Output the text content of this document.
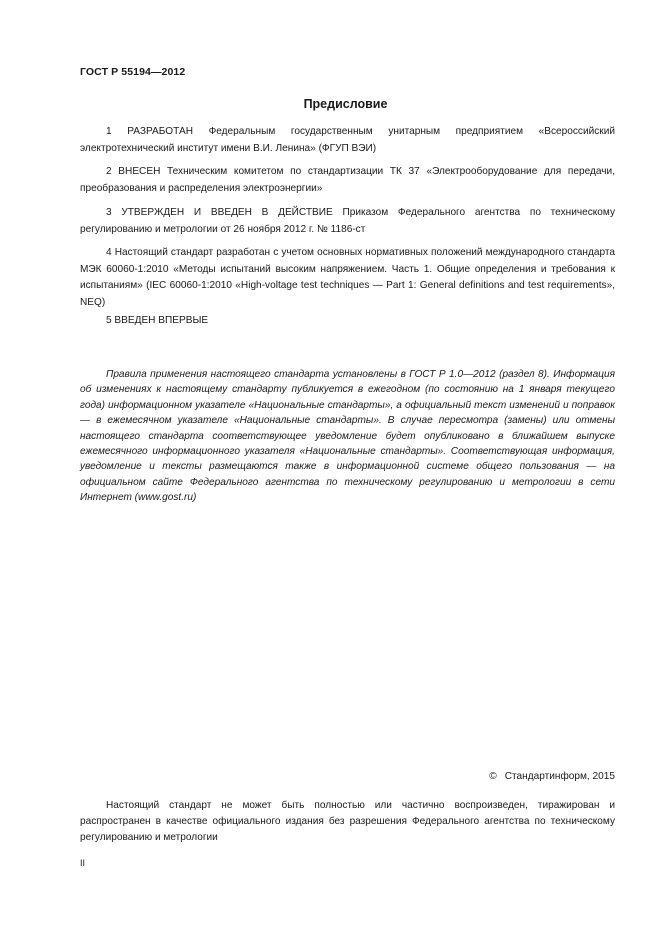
ГОСТ Р 55194—2012
Предисловие
1 РАЗРАБОТАН Федеральным государственным унитарным предприятием «Всероссийский электротехнический институт имени В.И. Ленина» (ФГУП ВЭИ)
2 ВНЕСЕН Техническим комитетом по стандартизации ТК 37 «Электрооборудование для передачи, преобразования и распределения электроэнергии»
3 УТВЕРЖДЕН И ВВЕДЕН В ДЕЙСТВИЕ Приказом Федерального агентства по техническому регулированию и метрологии от 26 ноября 2012 г. № 1186-ст
4 Настоящий стандарт разработан с учетом основных нормативных положений международного стандарта МЭК 60060-1:2010 «Методы испытаний высоким напряжением. Часть 1. Общие определения и требования к испытаниям» (IEC 60060-1:2010 «High-voltage test techniques — Part 1: General definitions and test requirements», NEQ)
5 ВВЕДЕН ВПЕРВЫЕ
Правила применения настоящего стандарта установлены в ГОСТ Р 1.0—2012 (раздел 8). Информация об изменениях к настоящему стандарту публикуется в ежегодном (по состоянию на 1 января текущего года) информационном указателе «Национальные стандарты», а официальный текст изменений и поправок — в ежемесячном указателе «Национальные стандарты». В случае пересмотра (замены) или отмены настоящего стандарта соответствующее уведомление будет опубликовано в ближайшем выпуске ежемесячного информационного указателя «Национальные стандарты». Соответствующая информация, уведомление и тексты размещаются также в информационной системе общего пользования — на официальном сайте Федерального агентства по техническому регулированию и метрологии в сети Интернет (www.gost.ru)
© Стандартинформ, 2015
Настоящий стандарт не может быть полностью или частично воспроизведен, тиражирован и распространен в качестве официального издания без разрешения Федерального агентства по техническому регулированию и метрологии
II
